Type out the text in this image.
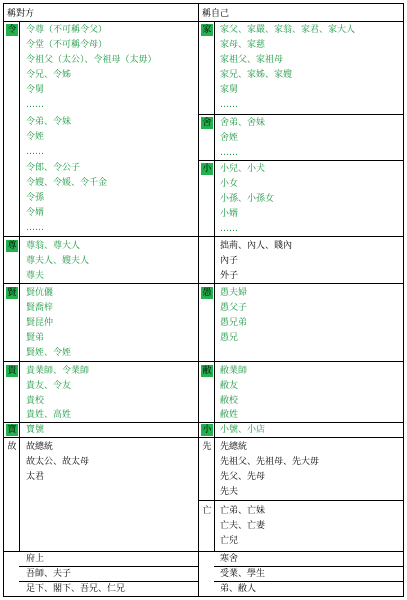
稱對方	稱自己
令 令尊（不可稱令父）
令堂（不可稱令母）
令祖父（太公）、令祖母（太毋）
令兄、令姊
令舅
……
令弟、令妹
令姪
……
令郎、令公子
令嫂、令媛、令千金
令孫
令婿
……
家 家父、家嚴、家翁、家君、家大人
家母、家慈
家祖父、家祖母
家兄、家姊、家嫂
家舅
……
舍 舍弟、舍妹
舍姪
……
小 小兒、小犬
小女
小孫、小孫女
小婿
……
尊 尊翁、尊大人
尊夫人、嫂夫人
尊夫
拙荊、內人、賤內
內子
外子
賢 賢伉儷
賢喬梓
賢昆仲
賢弟
賢姪、令姪
愚 愚夫婦
愚父子
愚兄弟
愚兄
貴 貴業師、令業師
貴友、令友
貴校
貴姓、高姓
敝 敝業師
敝友
敝校
敝姓
寶 寶號	小 小號、小店
故 故總統
故太公、故太母
太君
先 先總統
先祖父、先祖母、先大毋
先父、先母
先夫
亡 亡弟、亡妹
亡夫、亡妻
亡兒
府上
吾師、夫子
足下、閣下、吾兄、仁兄
寒舍
受業、學生
弟、敝人
